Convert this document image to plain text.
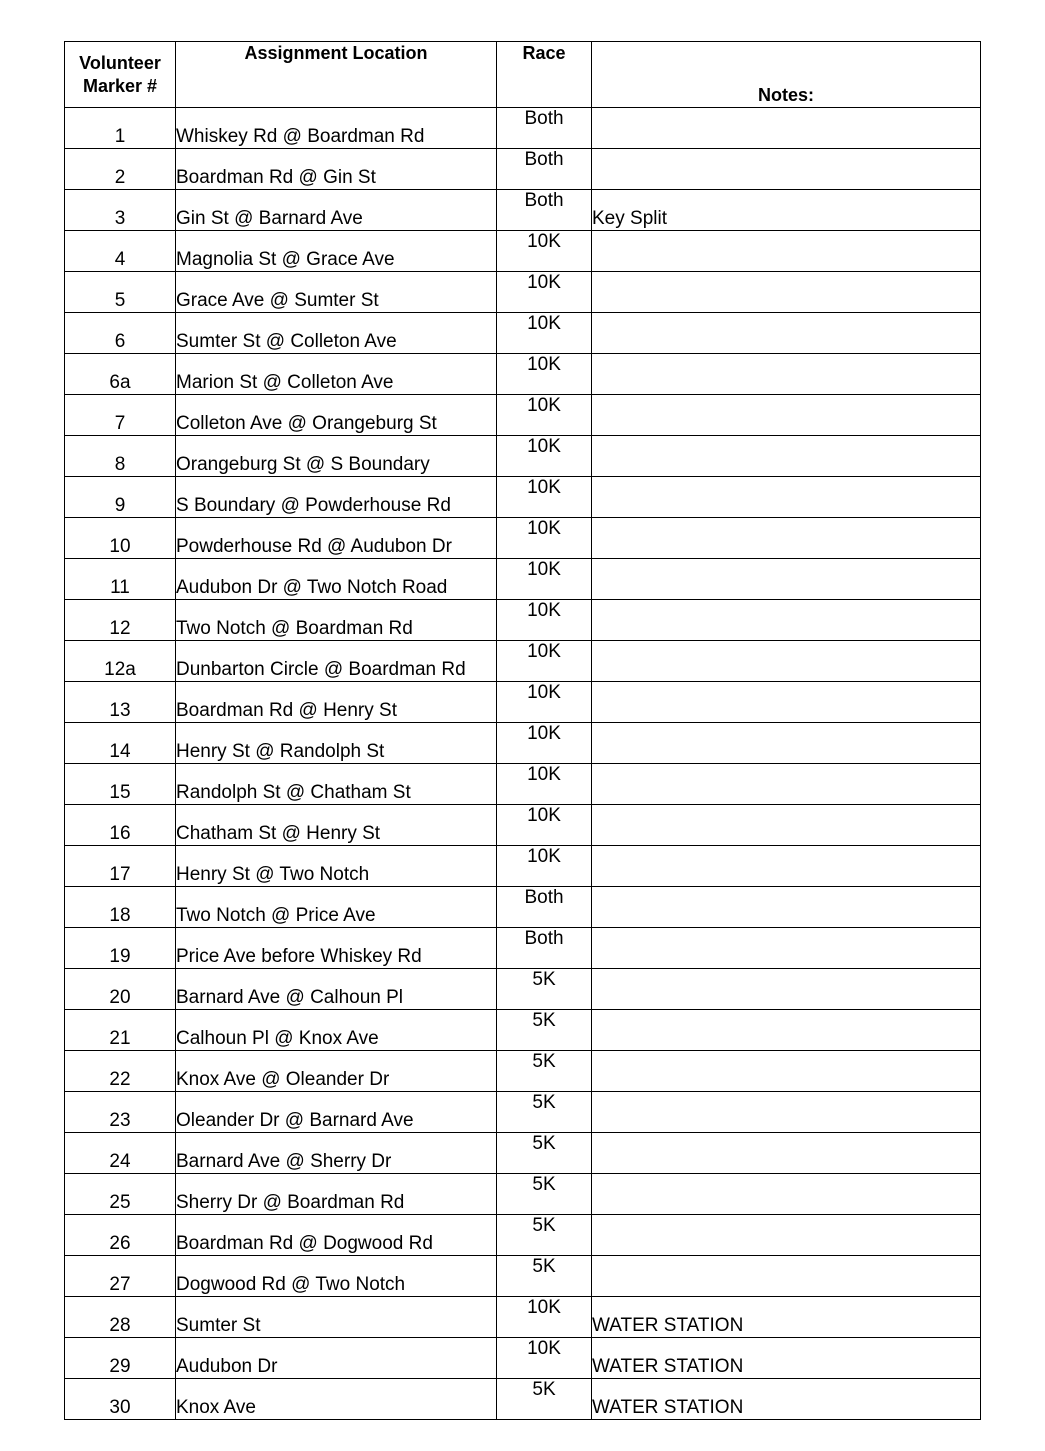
Volunteer
Marker #	Assignment Location	Race	Notes:
1	Whiskey Rd @ Boardman Rd	Both	
2	Boardman Rd @ Gin St	Both	
3	Gin St @ Barnard Ave	Both	Key Split
4	Magnolia St @ Grace Ave	10K	
5	Grace Ave @ Sumter St	10K	
6	Sumter St @ Colleton Ave	10K	
6a	Marion St @ Colleton Ave	10K	
7	Colleton Ave @ Orangeburg St	10K	
8	Orangeburg St @ S Boundary	10K	
9	S Boundary @ Powderhouse Rd	10K	
10	Powderhouse Rd @ Audubon Dr	10K	
11	Audubon Dr @ Two Notch Road	10K	
12	Two Notch @ Boardman Rd	10K	
12a	Dunbarton Circle @ Boardman Rd	10K	
13	Boardman Rd @ Henry St	10K	
14	Henry St @ Randolph St	10K	
15	Randolph St @ Chatham St	10K	
16	Chatham St @ Henry St	10K	
17	Henry St @ Two Notch	10K	
18	Two Notch @ Price Ave	Both	
19	Price Ave before Whiskey Rd	Both	
20	Barnard Ave @ Calhoun Pl	5K	
21	Calhoun Pl @ Knox Ave	5K	
22	Knox Ave @ Oleander Dr	5K	
23	Oleander Dr @ Barnard Ave	5K	
24	Barnard Ave @ Sherry Dr	5K	
25	Sherry Dr @ Boardman Rd	5K	
26	Boardman Rd @ Dogwood Rd	5K	
27	Dogwood Rd @ Two Notch	5K	
28	Sumter St	10K	WATER STATION
29	Audubon Dr	10K	WATER STATION
30	Knox Ave	5K	WATER STATION
